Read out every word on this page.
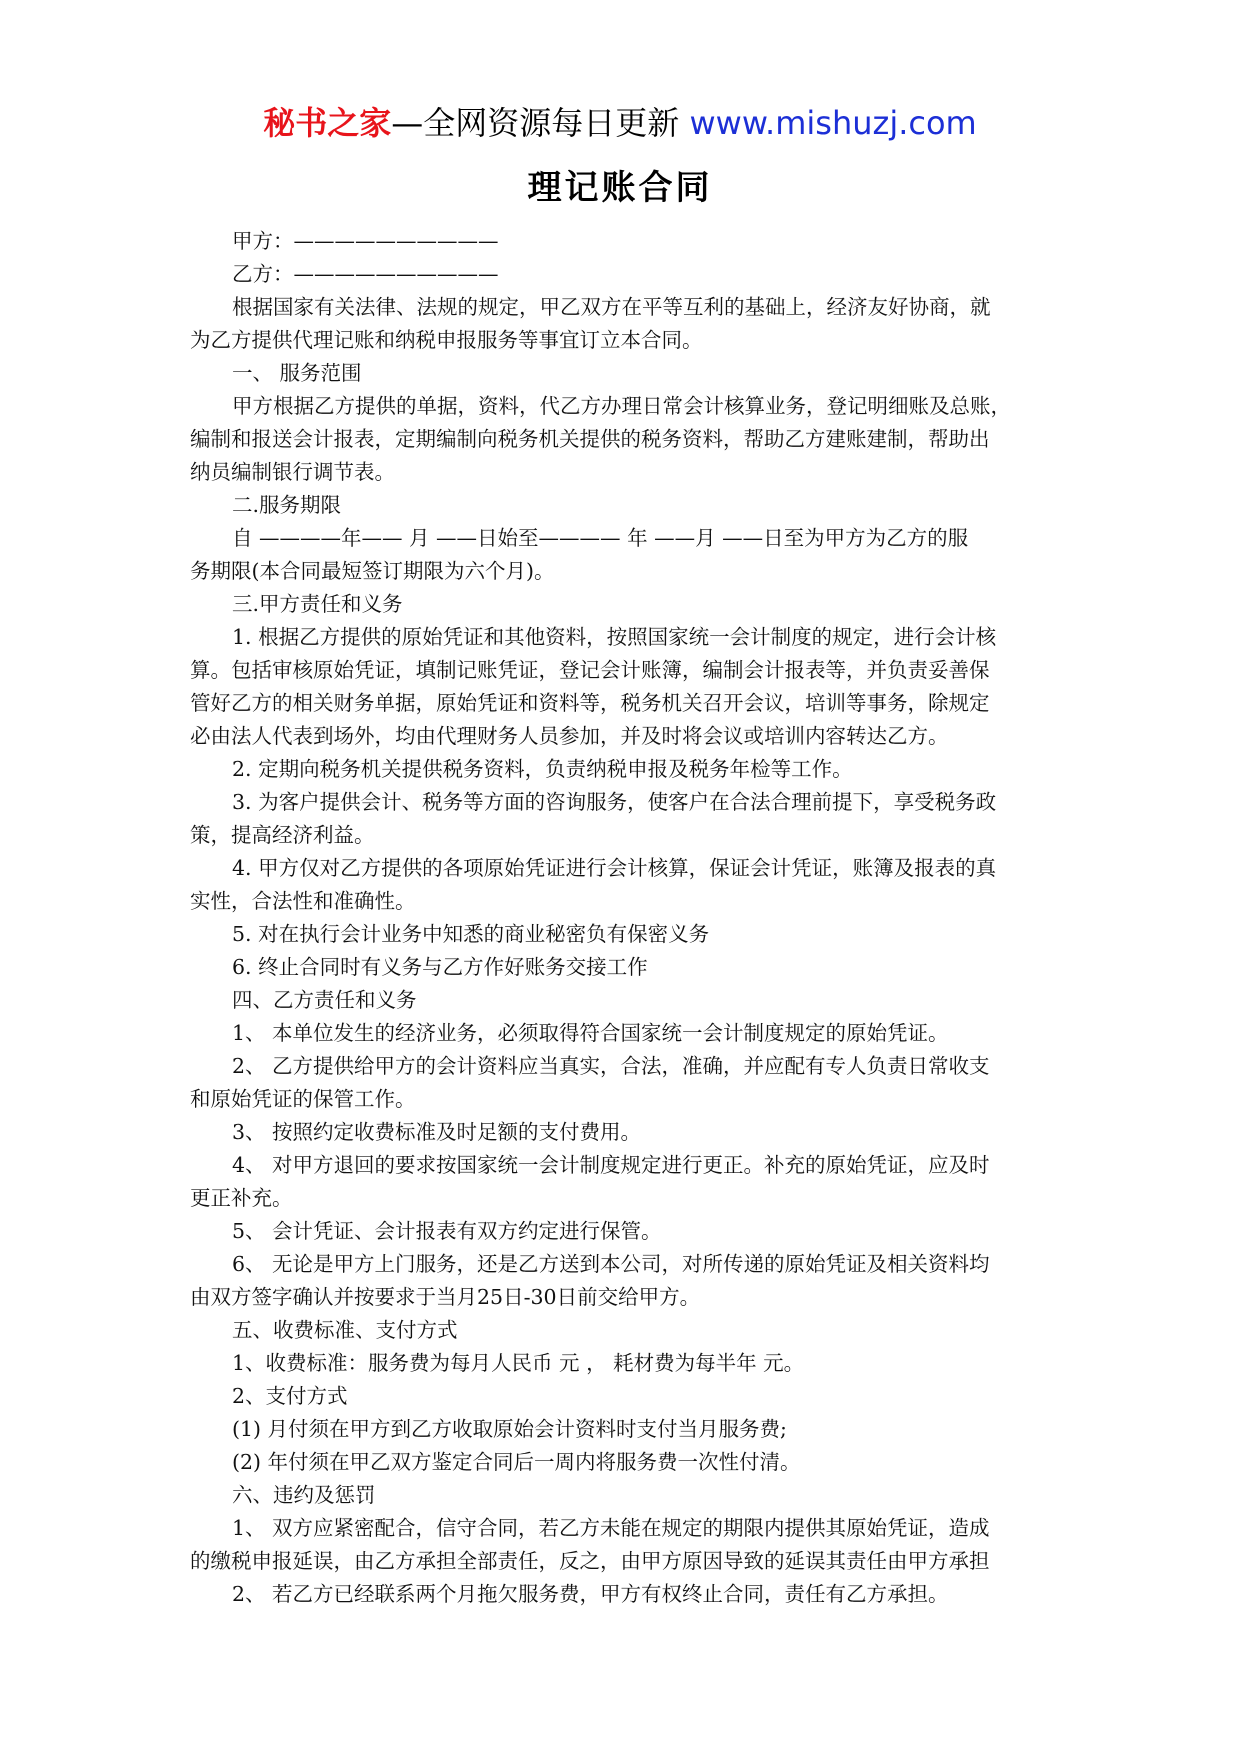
秘书之家—全网资源每日更新 www.mishuzj.com
理记账合同
甲方：——————————
乙方：——————————
根据国家有关法律、法规的规定，甲乙双方在平等互利的基础上，经济友好协商，就
为乙方提供代理记账和纳税申报服务等事宜订立本合同。
一、 服务范围
甲方根据乙方提供的单据，资料，代乙方办理日常会计核算业务，登记明细账及总账，
编制和报送会计报表，定期编制向税务机关提供的税务资料，帮助乙方建账建制，帮助出
纳员编制银行调节表。
二.服务期限
自 ————年—— 月 ——日始至———— 年 ——月 ——日至为甲方为乙方的服
务期限(本合同最短签订期限为六个月)。
三.甲方责任和义务
1. 根据乙方提供的原始凭证和其他资料，按照国家统一会计制度的规定，进行会计核
算。包括审核原始凭证，填制记账凭证，登记会计账簿，编制会计报表等，并负责妥善保
管好乙方的相关财务单据，原始凭证和资料等，税务机关召开会议，培训等事务，除规定
必由法人代表到场外，均由代理财务人员参加，并及时将会议或培训内容转达乙方。
2. 定期向税务机关提供税务资料，负责纳税申报及税务年检等工作。
3. 为客户提供会计、税务等方面的咨询服务，使客户在合法合理前提下，享受税务政
策，提高经济利益。
4. 甲方仅对乙方提供的各项原始凭证进行会计核算，保证会计凭证，账簿及报表的真
实性，合法性和准确性。
5. 对在执行会计业务中知悉的商业秘密负有保密义务
6. 终止合同时有义务与乙方作好账务交接工作
四、乙方责任和义务
1、 本单位发生的经济业务，必须取得符合国家统一会计制度规定的原始凭证。
2、 乙方提供给甲方的会计资料应当真实，合法，准确，并应配有专人负责日常收支
和原始凭证的保管工作。
3、 按照约定收费标准及时足额的支付费用。
4、 对甲方退回的要求按国家统一会计制度规定进行更正。补充的原始凭证，应及时
更正补充。
5、 会计凭证、会计报表有双方约定进行保管。
6、 无论是甲方上门服务，还是乙方送到本公司，对所传递的原始凭证及相关资料均
由双方签字确认并按要求于当月25日-30日前交给甲方。
五、收费标准、支付方式
1、收费标准：服务费为每月人民币 元 ， 耗材费为每半年 元。
2、支付方式
(1) 月付须在甲方到乙方收取原始会计资料时支付当月服务费;
(2) 年付须在甲乙双方鉴定合同后一周内将服务费一次性付清。
六、违约及惩罚
1、 双方应紧密配合，信守合同，若乙方未能在规定的期限内提供其原始凭证，造成
的缴税申报延误，由乙方承担全部责任，反之，由甲方原因导致的延误其责任由甲方承担
2、 若乙方已经联系两个月拖欠服务费，甲方有权终止合同，责任有乙方承担。
